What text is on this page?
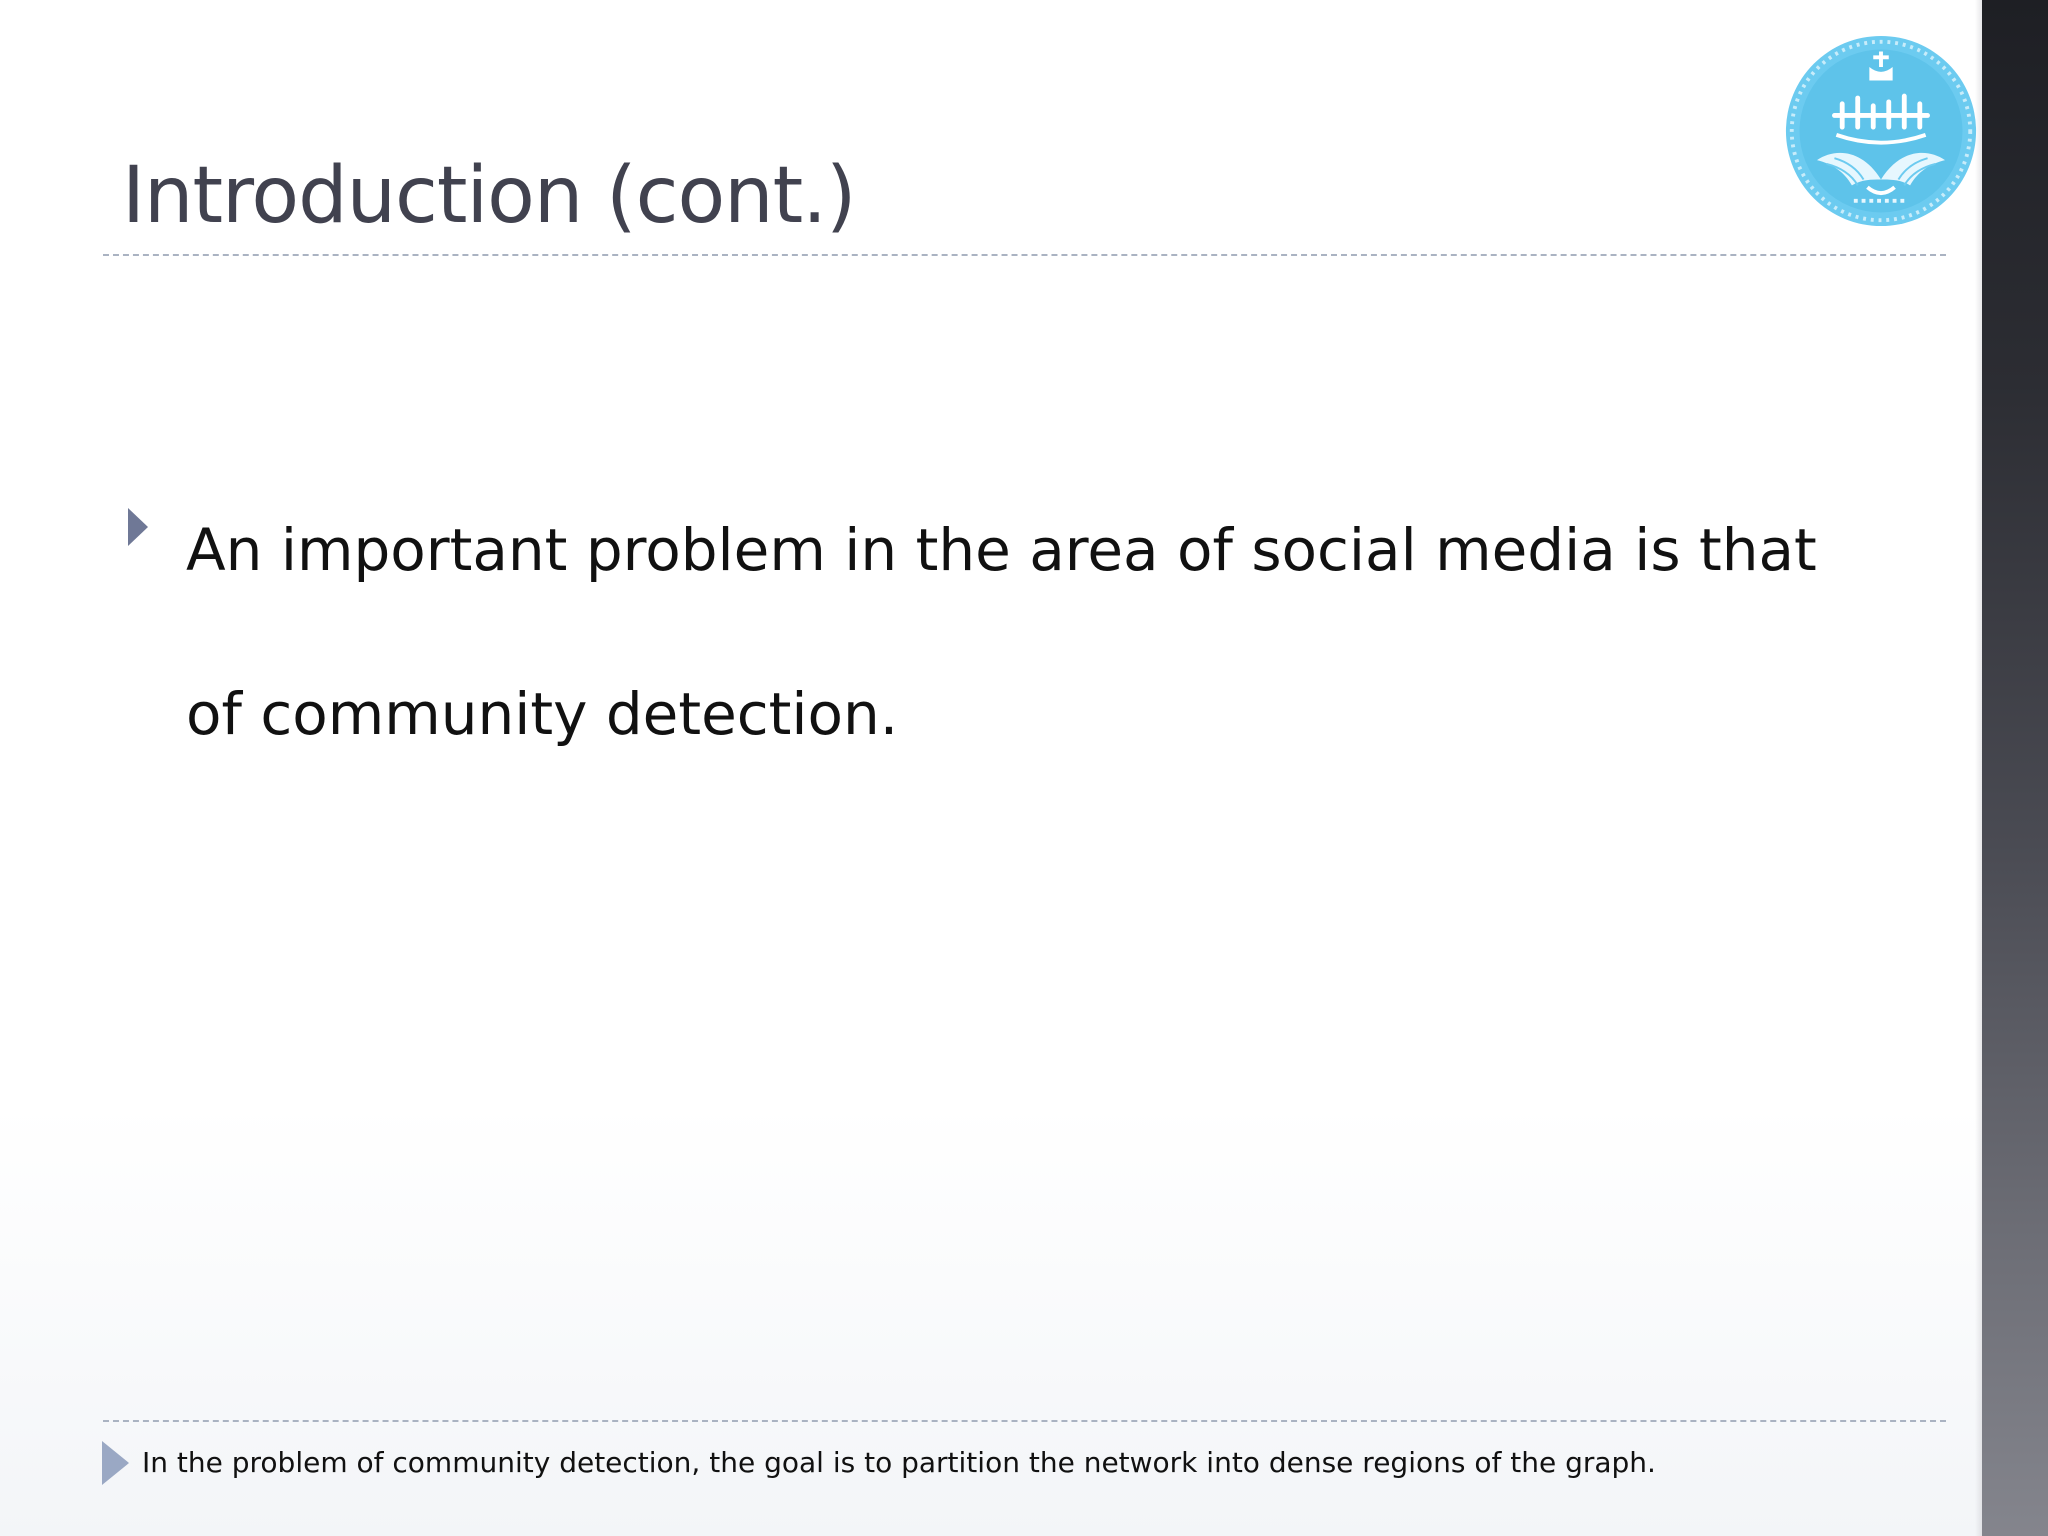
Introduction (cont.)

An important problem in the area of social media is that of community detection.

In the problem of community detection, the goal is to partition the network into dense regions of the graph.
